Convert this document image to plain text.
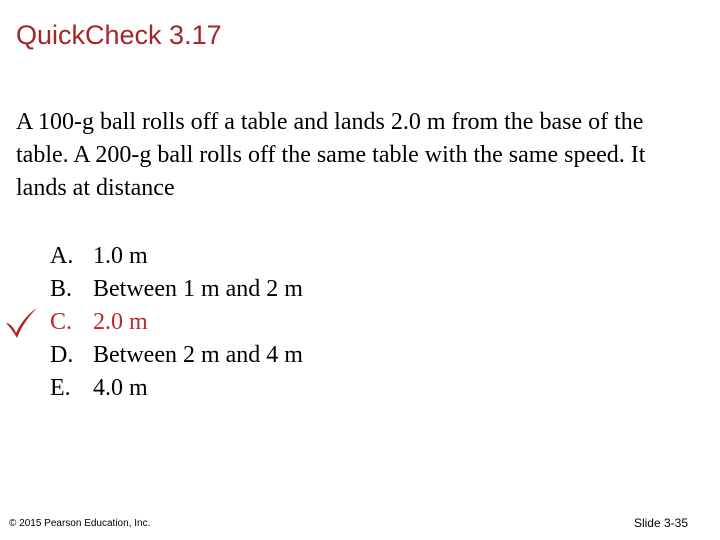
QuickCheck 3.17
A 100-g ball rolls off a table and lands 2.0 m from the base of the table. A 200-g ball rolls off the same table with the same speed. It lands at distance
A. 1.0 m
B. Between 1 m and 2 m
C. 2.0 m
D. Between 2 m and 4 m
E. 4.0 m
© 2015 Pearson Education, Inc.	Slide 3-35
